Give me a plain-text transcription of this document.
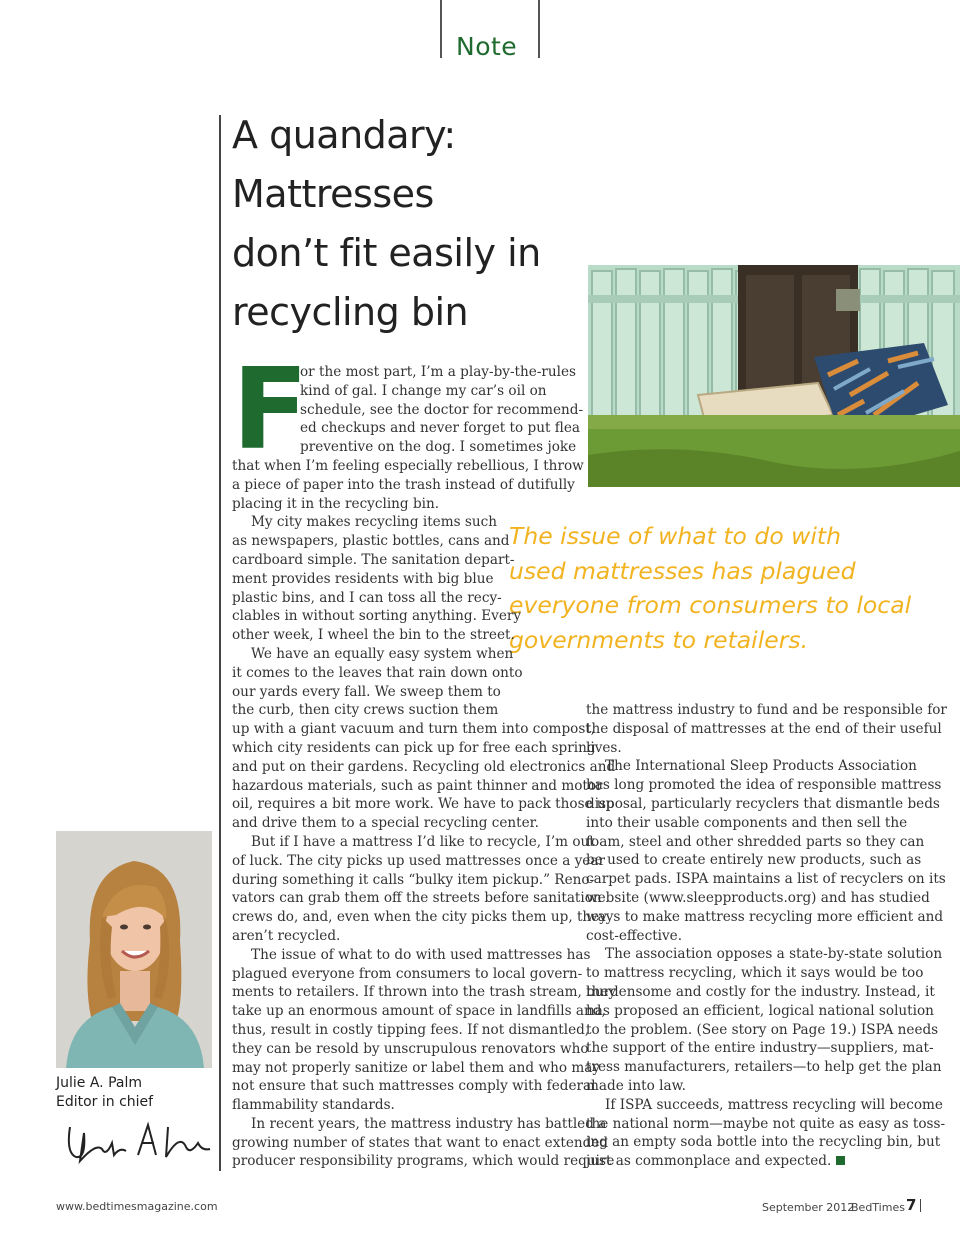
Note
A quandary:
Mattresses
don’t fit easily in
recycling bin
The issue of what to do with
used mattresses has plagued
everyone from consumers to local
governments to retailers.
F
or the most part, I’m a play-by-the-rules
kind of gal. I change my car’s oil on
schedule, see the doctor for recommend-
ed checkups and never forget to put flea
preventive on the dog. I sometimes joke
that when I’m feeling especially rebellious, I throw
a piece of paper into the trash instead of dutifully
placing it in the recycling bin.
My city makes recycling items such
as newspapers, plastic bottles, cans and
cardboard simple. The sanitation depart-
ment provides residents with big blue
plastic bins, and I can toss all the recy-
clables in without sorting anything. Every
other week, I wheel the bin to the street.
We have an equally easy system when
it comes to the leaves that rain down onto
our yards every fall. We sweep them to
the curb, then city crews suction them
up with a giant vacuum and turn them into compost,
which city residents can pick up for free each spring
and put on their gardens. Recycling old electronics and
hazardous materials, such as paint thinner and motor
oil, requires a bit more work. We have to pack those up
and drive them to a special recycling center.
But if I have a mattress I’d like to recycle, I’m out
of luck. The city picks up used mattresses once a year
during something it calls “bulky item pickup.” Reno-
vators can grab them off the streets before sanitation
crews do, and, even when the city picks them up, they
aren’t recycled.
The issue of what to do with used mattresses has
plagued everyone from consumers to local govern-
ments to retailers. If thrown into the trash stream, they
take up an enormous amount of space in landfills and,
thus, result in costly tipping fees. If not dismantled,
they can be resold by unscrupulous renovators who
may not properly sanitize or label them and who may
not ensure that such mattresses comply with federal
flammability standards.
In recent years, the mattress industry has battled a
growing number of states that want to enact extended
producer responsibility programs, which would require
the mattress industry to fund and be responsible for
the disposal of mattresses at the end of their useful
lives.
The International Sleep Products Association
has long promoted the idea of responsible mattress
disposal, particularly recyclers that dismantle beds
into their usable components and then sell the
foam, steel and other shredded parts so they can
be used to create entirely new products, such as
carpet pads. ISPA maintains a list of recyclers on its
website (www.sleepproducts.org) and has studied
ways to make mattress recycling more efficient and
cost-effective.
The association opposes a state-by-state solution
to mattress recycling, which it says would be too
burdensome and costly for the industry. Instead, it
has proposed an efficient, logical national solution
to the problem. (See story on Page 19.) ISPA needs
the support of the entire industry—suppliers, mat-
tress manufacturers, retailers—to help get the plan
made into law.
If ISPA succeeds, mattress recycling will become
the national norm—maybe not quite as easy as toss-
ing an empty soda bottle into the recycling bin, but
just as commonplace and expected.
Julie A. Palm
Editor in chief
www.bedtimesmagazine.com	September 2012
BedTimes 7
